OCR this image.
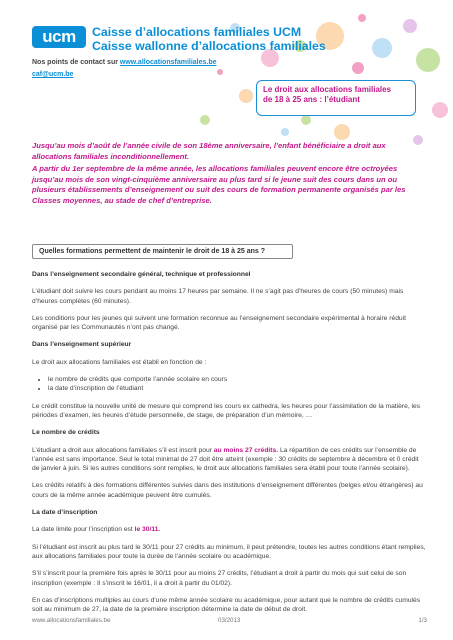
ucm	Caisse d’allocations familiales UCM
Caisse wallonne d’allocations familiales
Nos points de contact sur www.allocationsfamiliales.be
caf@ucm.be
Le droit aux allocations familiales
de 18 à 25 ans : l’étudiant

Jusqu’au mois d’août de l’année civile de son 18ème anniversaire, l’enfant bénéficiaire a droit aux allocations familiales inconditionnellement.

A partir du 1er septembre de la même année, les allocations familiales peuvent encore être octroyées jusqu’au mois de son vingt-cinquième anniversaire au plus tard si le jeune suit des cours dans un ou plusieurs établissements d’enseignement ou suit des cours de formation permanente organisés par les Classes moyennes, au stade de chef d’entreprise.

Quelles formations permettent de maintenir le droit de 18 à 25 ans ?
Dans l’enseignement secondaire général, technique et professionnel

L’étudiant doit suivre les cours pendant au moins 17 heures par semaine. Il ne s’agit pas d’heures de cours (50 minutes) mais d’heures complètes (60 minutes).

Les conditions pour les jeunes qui suivent une formation reconnue au l’enseignement secondaire expérimental à horaire réduit organisé par les Communautés n’ont pas changé.

Dans l’enseignement supérieur

Le droit aux allocations familiales est établi en fonction de :

• le nombre de crédits que comporte l’année scolaire en cours
• la date d’inscription de l’étudiant

Le crédit constitue la nouvelle unité de mesure qui comprend les cours ex cathedra, les heures pour l’assimilation de la matière, les périodes d’examen, les heures d’étude personnelle, de stage, de préparation d’un mémoire, …

Le nombre de crédits

L’étudiant a droit aux allocations familiales s’il est inscrit pour au moins 27 crédits. La répartition de ces crédits sur l’ensemble de l’année est sans importance. Seul le total minimal de 27 doit être atteint (exemple : 30 crédits de septembre à décembre et 0 crédit de janvier à juin. Si les autres conditions sont remplies, le droit aux allocations familiales sera établi pour toute l’année scolaire).

Les crédits relatifs à des formations différentes suivies dans des institutions d’enseignement différentes (belges et/ou étrangères) au cours de la même année académique peuvent être cumulés.

La date d’inscription

La date limite pour l’inscription est le 30/11.

Si l’étudiant est inscrit au plus tard le 30/11 pour 27 crédits au minimum, il peut prétendre, toutes les autres conditions étant remplies, aux allocations familiales pour toute la durée de l’année scolaire ou académique.

S’il s’inscrit pour la première fois après le 30/11 pour au moins 27 crédits, l’étudiant a droit à partir du mois qui suit celui de son inscription (exemple : Il s’inscrit le 16/01, il a droit à partir du 01/02).

En cas d’inscriptions multiples au cours d’une même année scolaire ou académique, pour autant que le nombre de crédits cumulés soit au minimum de 27, la date de la première inscription détermine la date de début de droit.

www.allocationsfamiliales.be	03/2013	1/3
